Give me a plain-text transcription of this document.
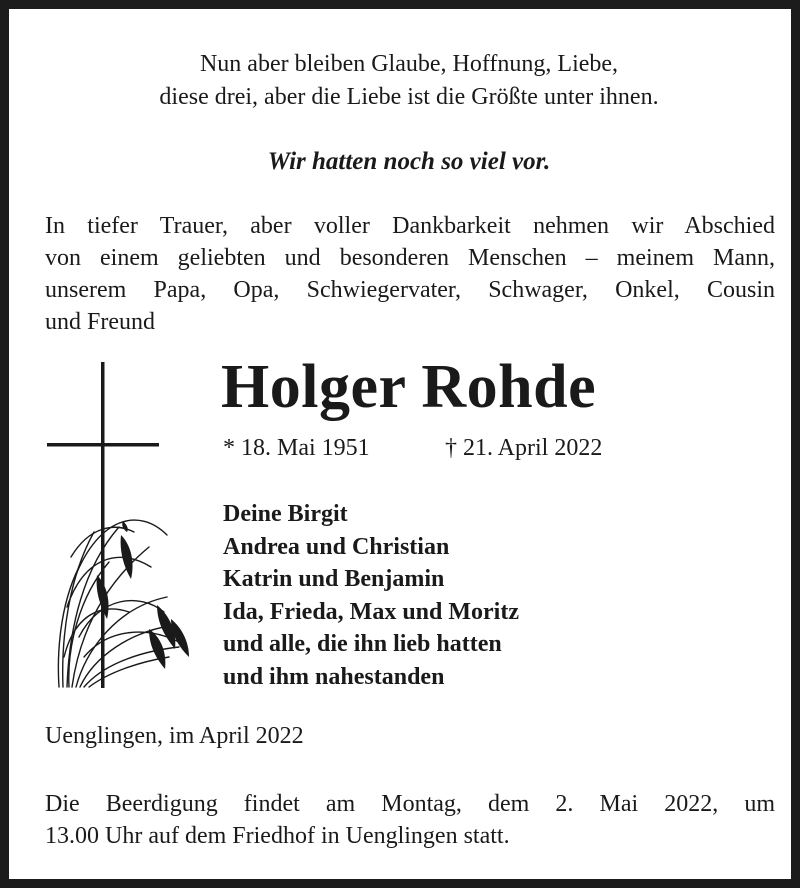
Nun aber bleiben Glaube, Hoffnung, Liebe,
diese drei, aber die Liebe ist die Größte unter ihnen.
Wir hatten noch so viel vor.
In tiefer Trauer, aber voller Dankbarkeit nehmen wir Abschied
von einem geliebten und besonderen Menschen – meinem Mann,
unserem Papa, Opa, Schwiegervater, Schwager, Onkel, Cousin
und Freund
Holger Rohde
* 18. Mai 1951	† 21. April 2022
Deine Birgit
Andrea und Christian
Katrin und Benjamin
Ida, Frieda, Max und Moritz
und alle, die ihn lieb hatten
und ihm nahestanden
Uenglingen, im April 2022
Die Beerdigung findet am Montag, dem 2. Mai 2022, um
13.00 Uhr auf dem Friedhof in Uenglingen statt.
